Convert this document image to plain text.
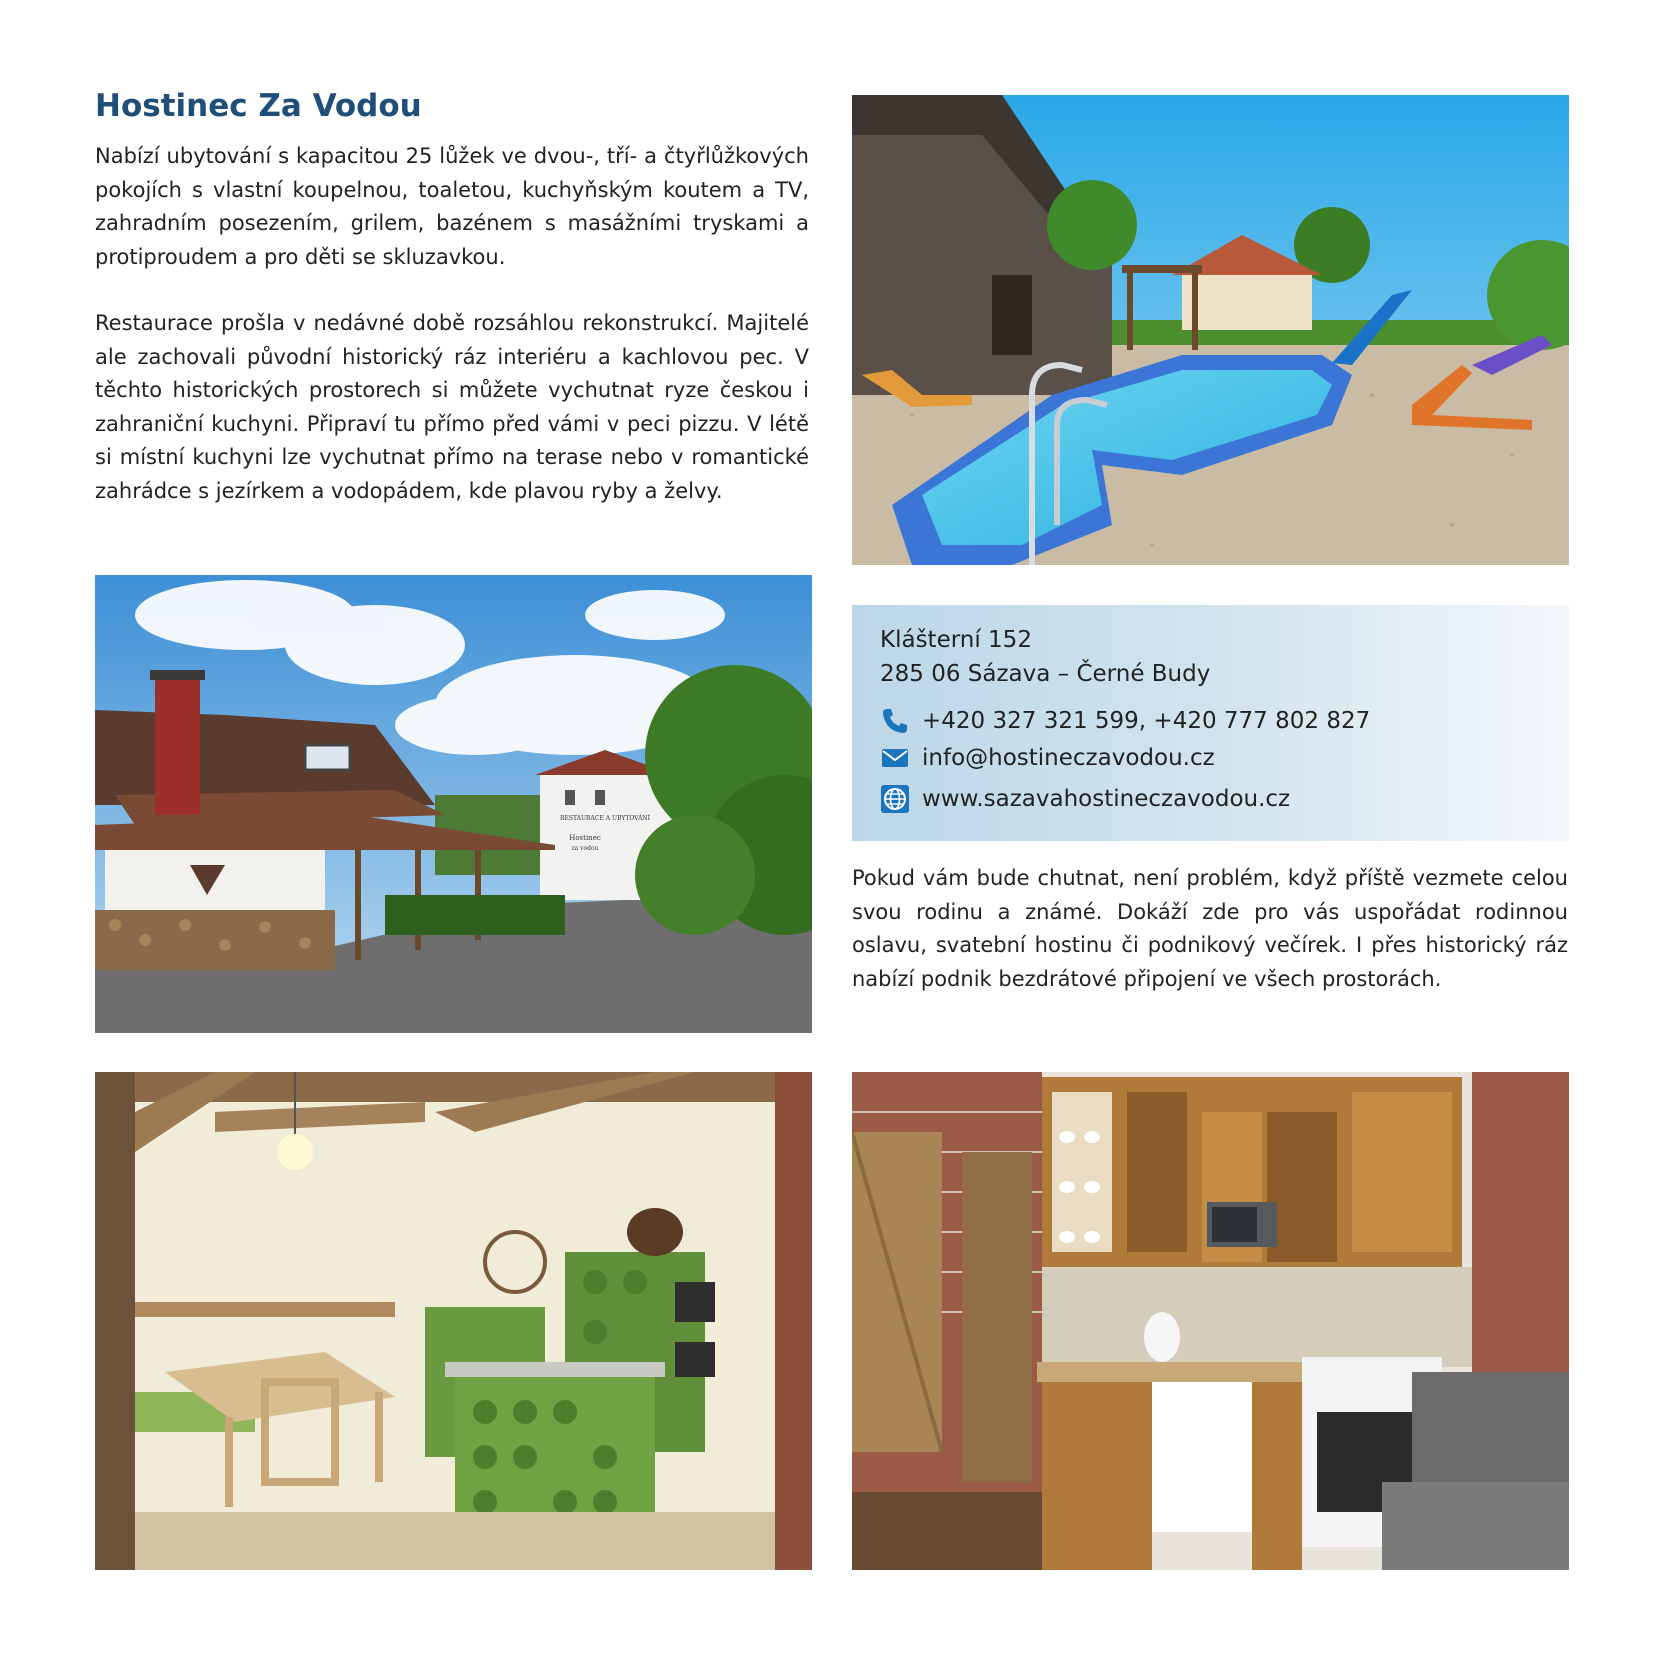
Hostinec Za Vodou

Nabízí ubytování s kapacitou 25 lůžek ve dvou-, tří- a čtyřlůžkových pokojích s vlastní koupelnou, toaletou, kuchyňským koutem a TV, zahradním posezením, grilem, bazénem s masážními tryskami a protiproudem a pro děti se skluzavkou.

Restaurace prošla v nedávné době rozsáhlou rekonstrukcí. Majitelé ale zachovali původní historický ráz interiéru a kachlovou pec. V těchto historických prostorech si můžete vychutnat ryze českou i zahraniční kuchyni. Připraví tu přímo před vámi v peci pizzu. V létě si místní kuchyni lze vychutnat přímo na terase nebo v romantické zahrádce s jezírkem a vodopádem, kde plavou ryby a želvy.

RESTAURACE A UBYTOVÁNÍ
Hostinec
za vodou

Klášterní 152

285 06 Sázava – Černé Budy

+420 327 321 599, +420 777 802 827
info@hostineczavodou.cz
www.sazavahostineczavodou.cz

Pokud vám bude chutnat, není problém, když příště vezmete celou svou rodinu a známé. Dokáží zde pro vás uspořádat rodinnou oslavu, svatební hostinu či podnikový večírek. I přes historický ráz nabízí podnik bezdrátové připojení ve všech prostorách.
